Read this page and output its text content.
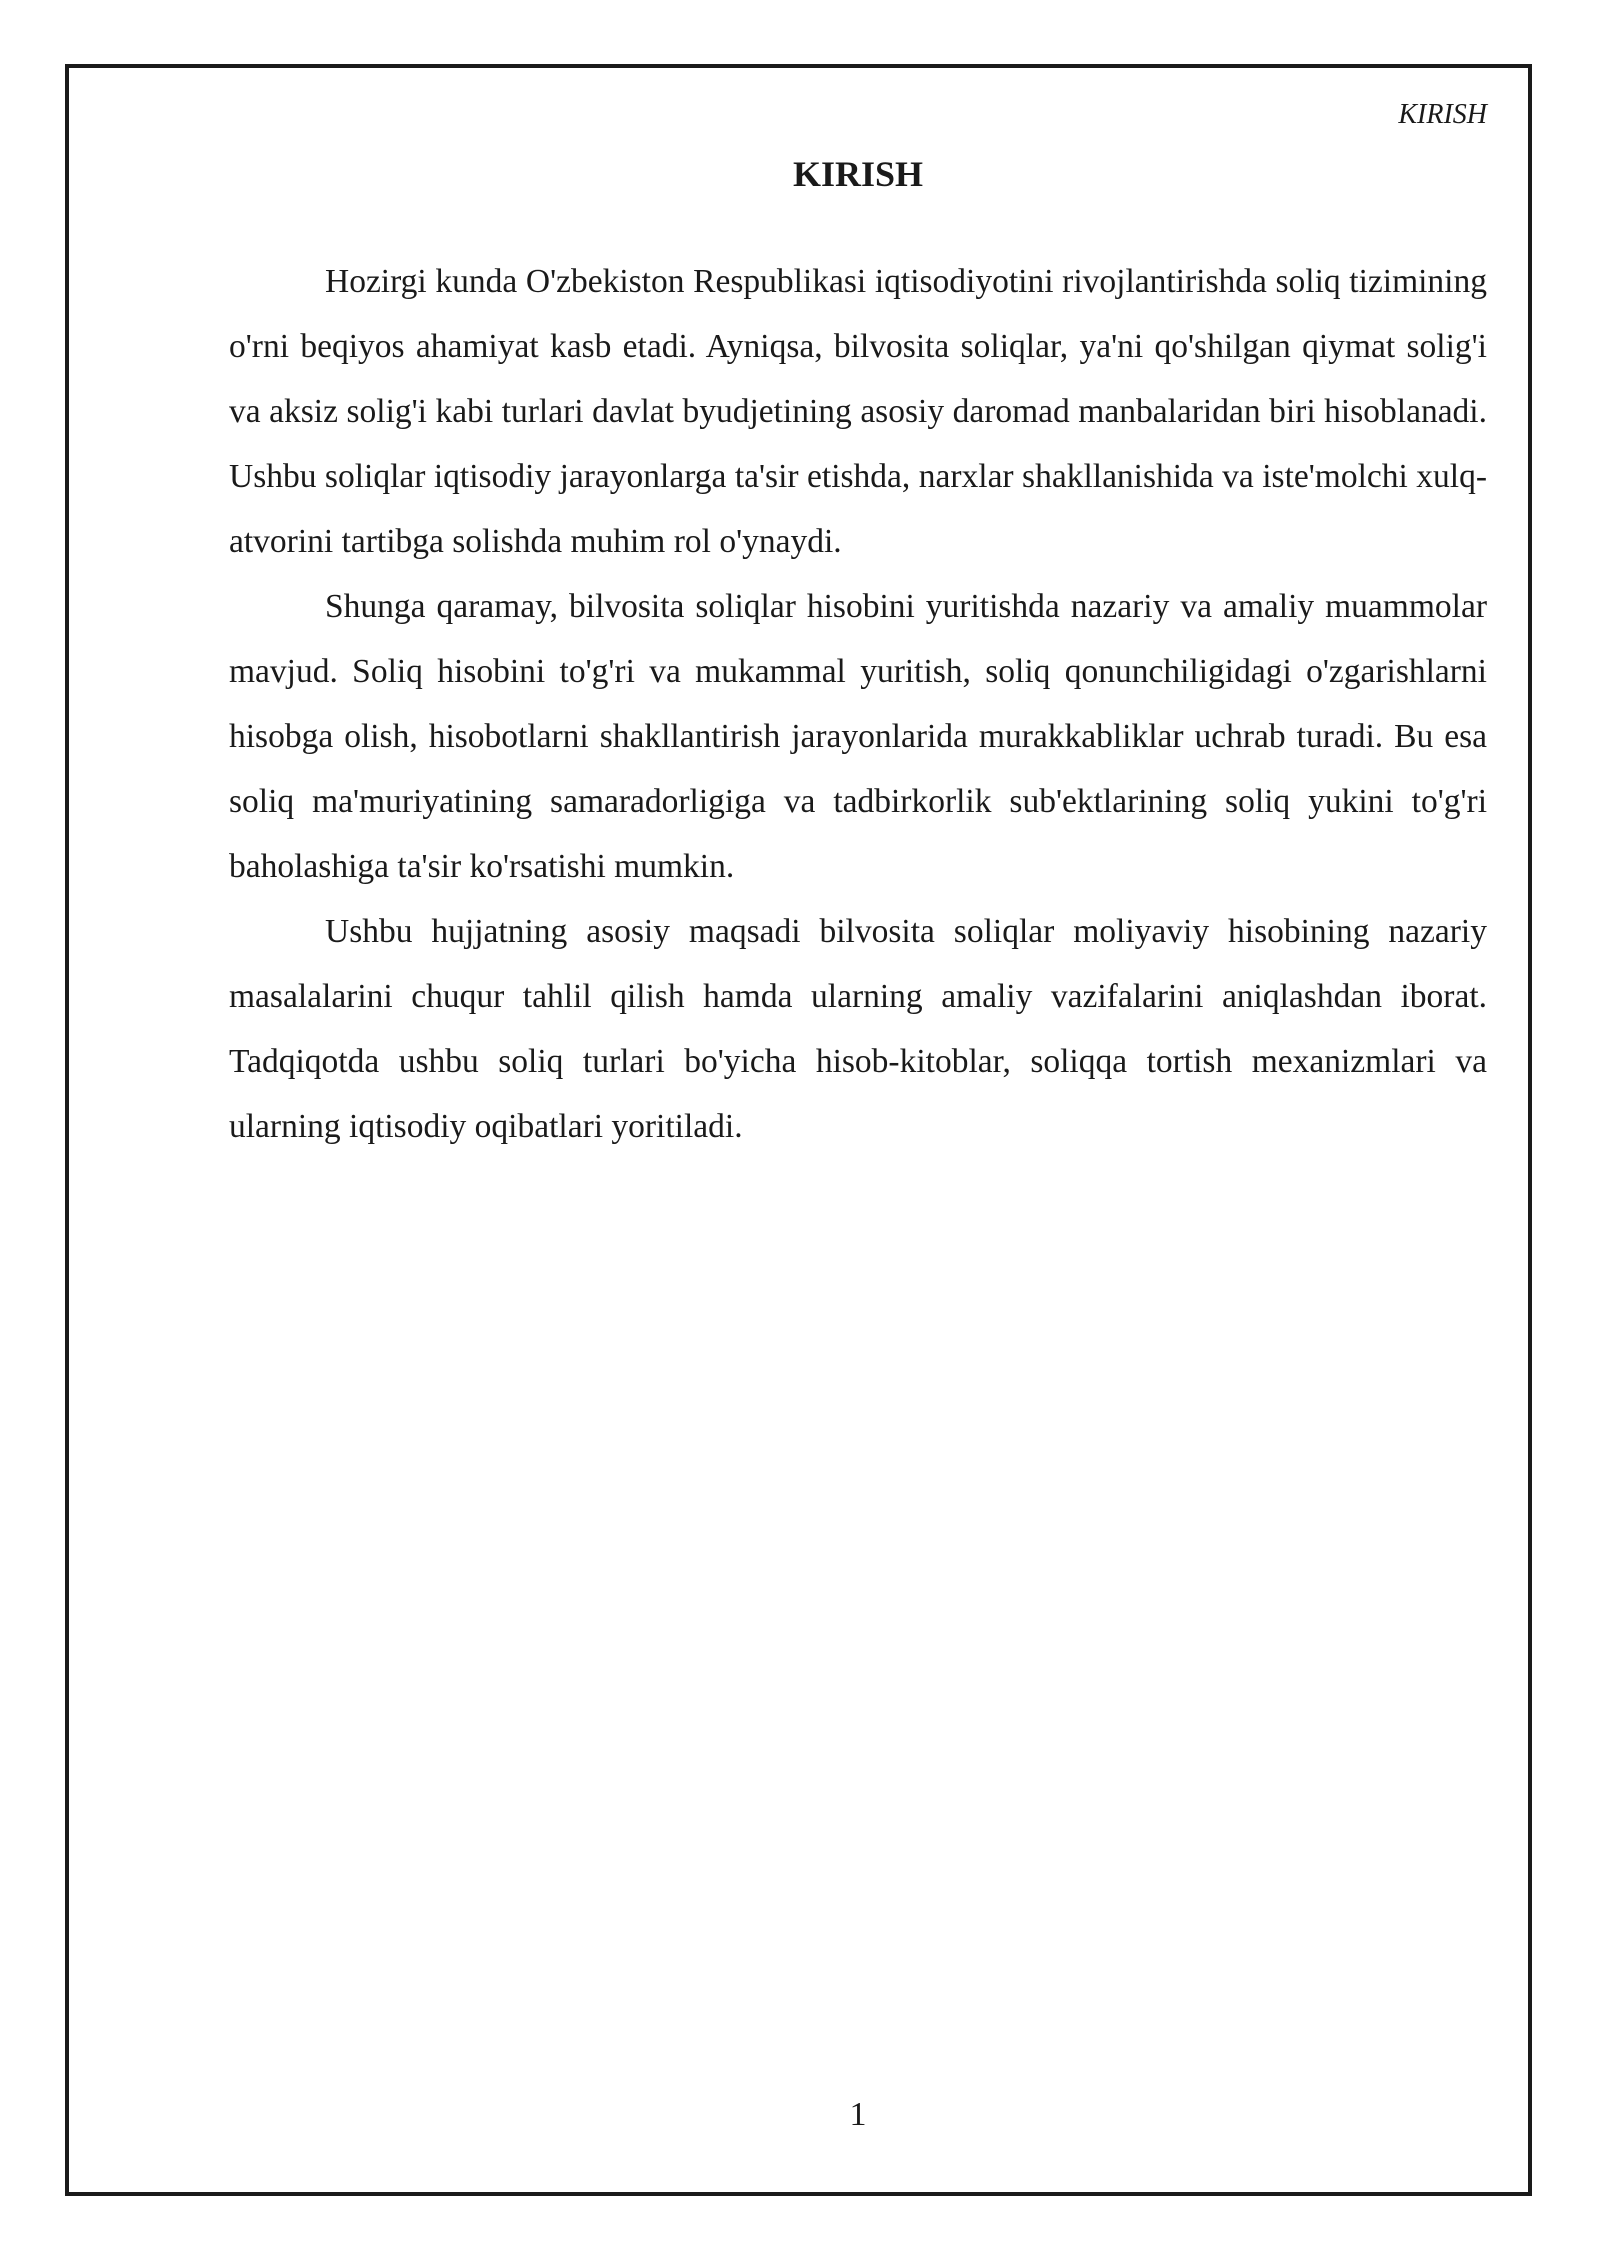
KIRISH
KIRISH

Hozirgi kunda O'zbekiston Respublikasi iqtisodiyotini rivojlantirishda soliq tizimining o'rni beqiyos ahamiyat kasb etadi. Ayniqsa, bilvosita soliqlar, ya'ni qo'shilgan qiymat solig'i va aksiz solig'i kabi turlari davlat byudjetining asosiy daromad manbalaridan biri hisoblanadi. Ushbu soliqlar iqtisodiy jarayonlarga ta'sir etishda, narxlar shakllanishida va iste'molchi xulq-atvorini tartibga solishda muhim rol o'ynaydi.

Shunga qaramay, bilvosita soliqlar hisobini yuritishda nazariy va amaliy muammolar mavjud. Soliq hisobini to'g'ri va mukammal yuritish, soliq qonunchiligidagi o'zgarishlarni hisobga olish, hisobotlarni shakllantirish jarayonlarida murakkabliklar uchrab turadi. Bu esa soliq ma'muriyatining samaradorligiga va tadbirkorlik sub'ektlarining soliq yukini to'g'ri baholashiga ta'sir ko'rsatishi mumkin.

Ushbu hujjatning asosiy maqsadi bilvosita soliqlar moliyaviy hisobining nazariy masalalarini chuqur tahlil qilish hamda ularning amaliy vazifalarini aniqlashdan iborat. Tadqiqotda ushbu soliq turlari bo'yicha hisob-kitoblar, soliqqa tortish mexanizmlari va ularning iqtisodiy oqibatlari yoritiladi.

1
